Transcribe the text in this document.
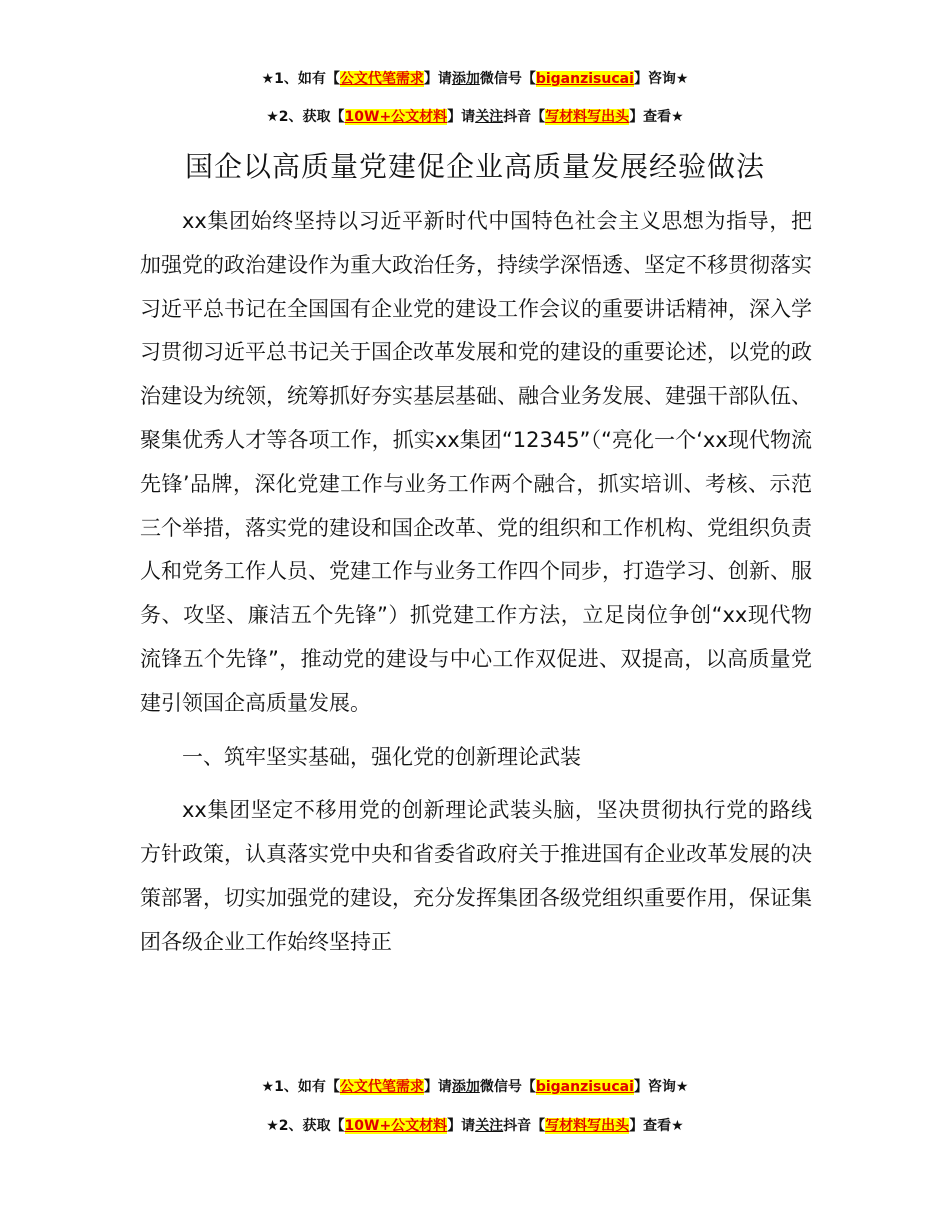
★1、如有【公文代笔需求】请添加微信号【biganzisucai】咨询★
★2、获取【10W+公文材料】请关注抖音【写材料写出头】查看★
国企以高质量党建促企业高质量发展经验做法

xx集团始终坚持以习近平新时代中国特色社会主义思想为指导，把加强党的政治建设作为重大政治任务，持续学深悟透、坚定不移贯彻落实习近平总书记在全国国有企业党的建设工作会议的重要讲话精神，深入学习贯彻习近平总书记关于国企改革发展和党的建设的重要论述，以党的政治建设为统领，统筹抓好夯实基层基础、融合业务发展、建强干部队伍、聚集优秀人才等各项工作，抓实xx集团“12345”（“亮化一个‘xx现代物流先锋’品牌，深化党建工作与业务工作两个融合，抓实培训、考核、示范三个举措，落实党的建设和国企改革、党的组织和工作机构、党组织负责人和党务工作人员、党建工作与业务工作四个同步，打造学习、创新、服务、攻坚、廉洁五个先锋”）抓党建工作方法，立足岗位争创“xx现代物流锋五个先锋”，推动党的建设与中心工作双促进、双提高，以高质量党建引领国企高质量发展。

一、筑牢坚实基础，强化党的创新理论武装

xx集团坚定不移用党的创新理论武装头脑，坚决贯彻执行党的路线方针政策，认真落实党中央和省委省政府关于推进国有企业改革发展的决策部署，切实加强党的建设，充分发挥集团各级党组织重要作用，保证集团各级企业工作始终坚持正

★1、如有【公文代笔需求】请添加微信号【biganzisucai】咨询★
★2、获取【10W+公文材料】请关注抖音【写材料写出头】查看★
